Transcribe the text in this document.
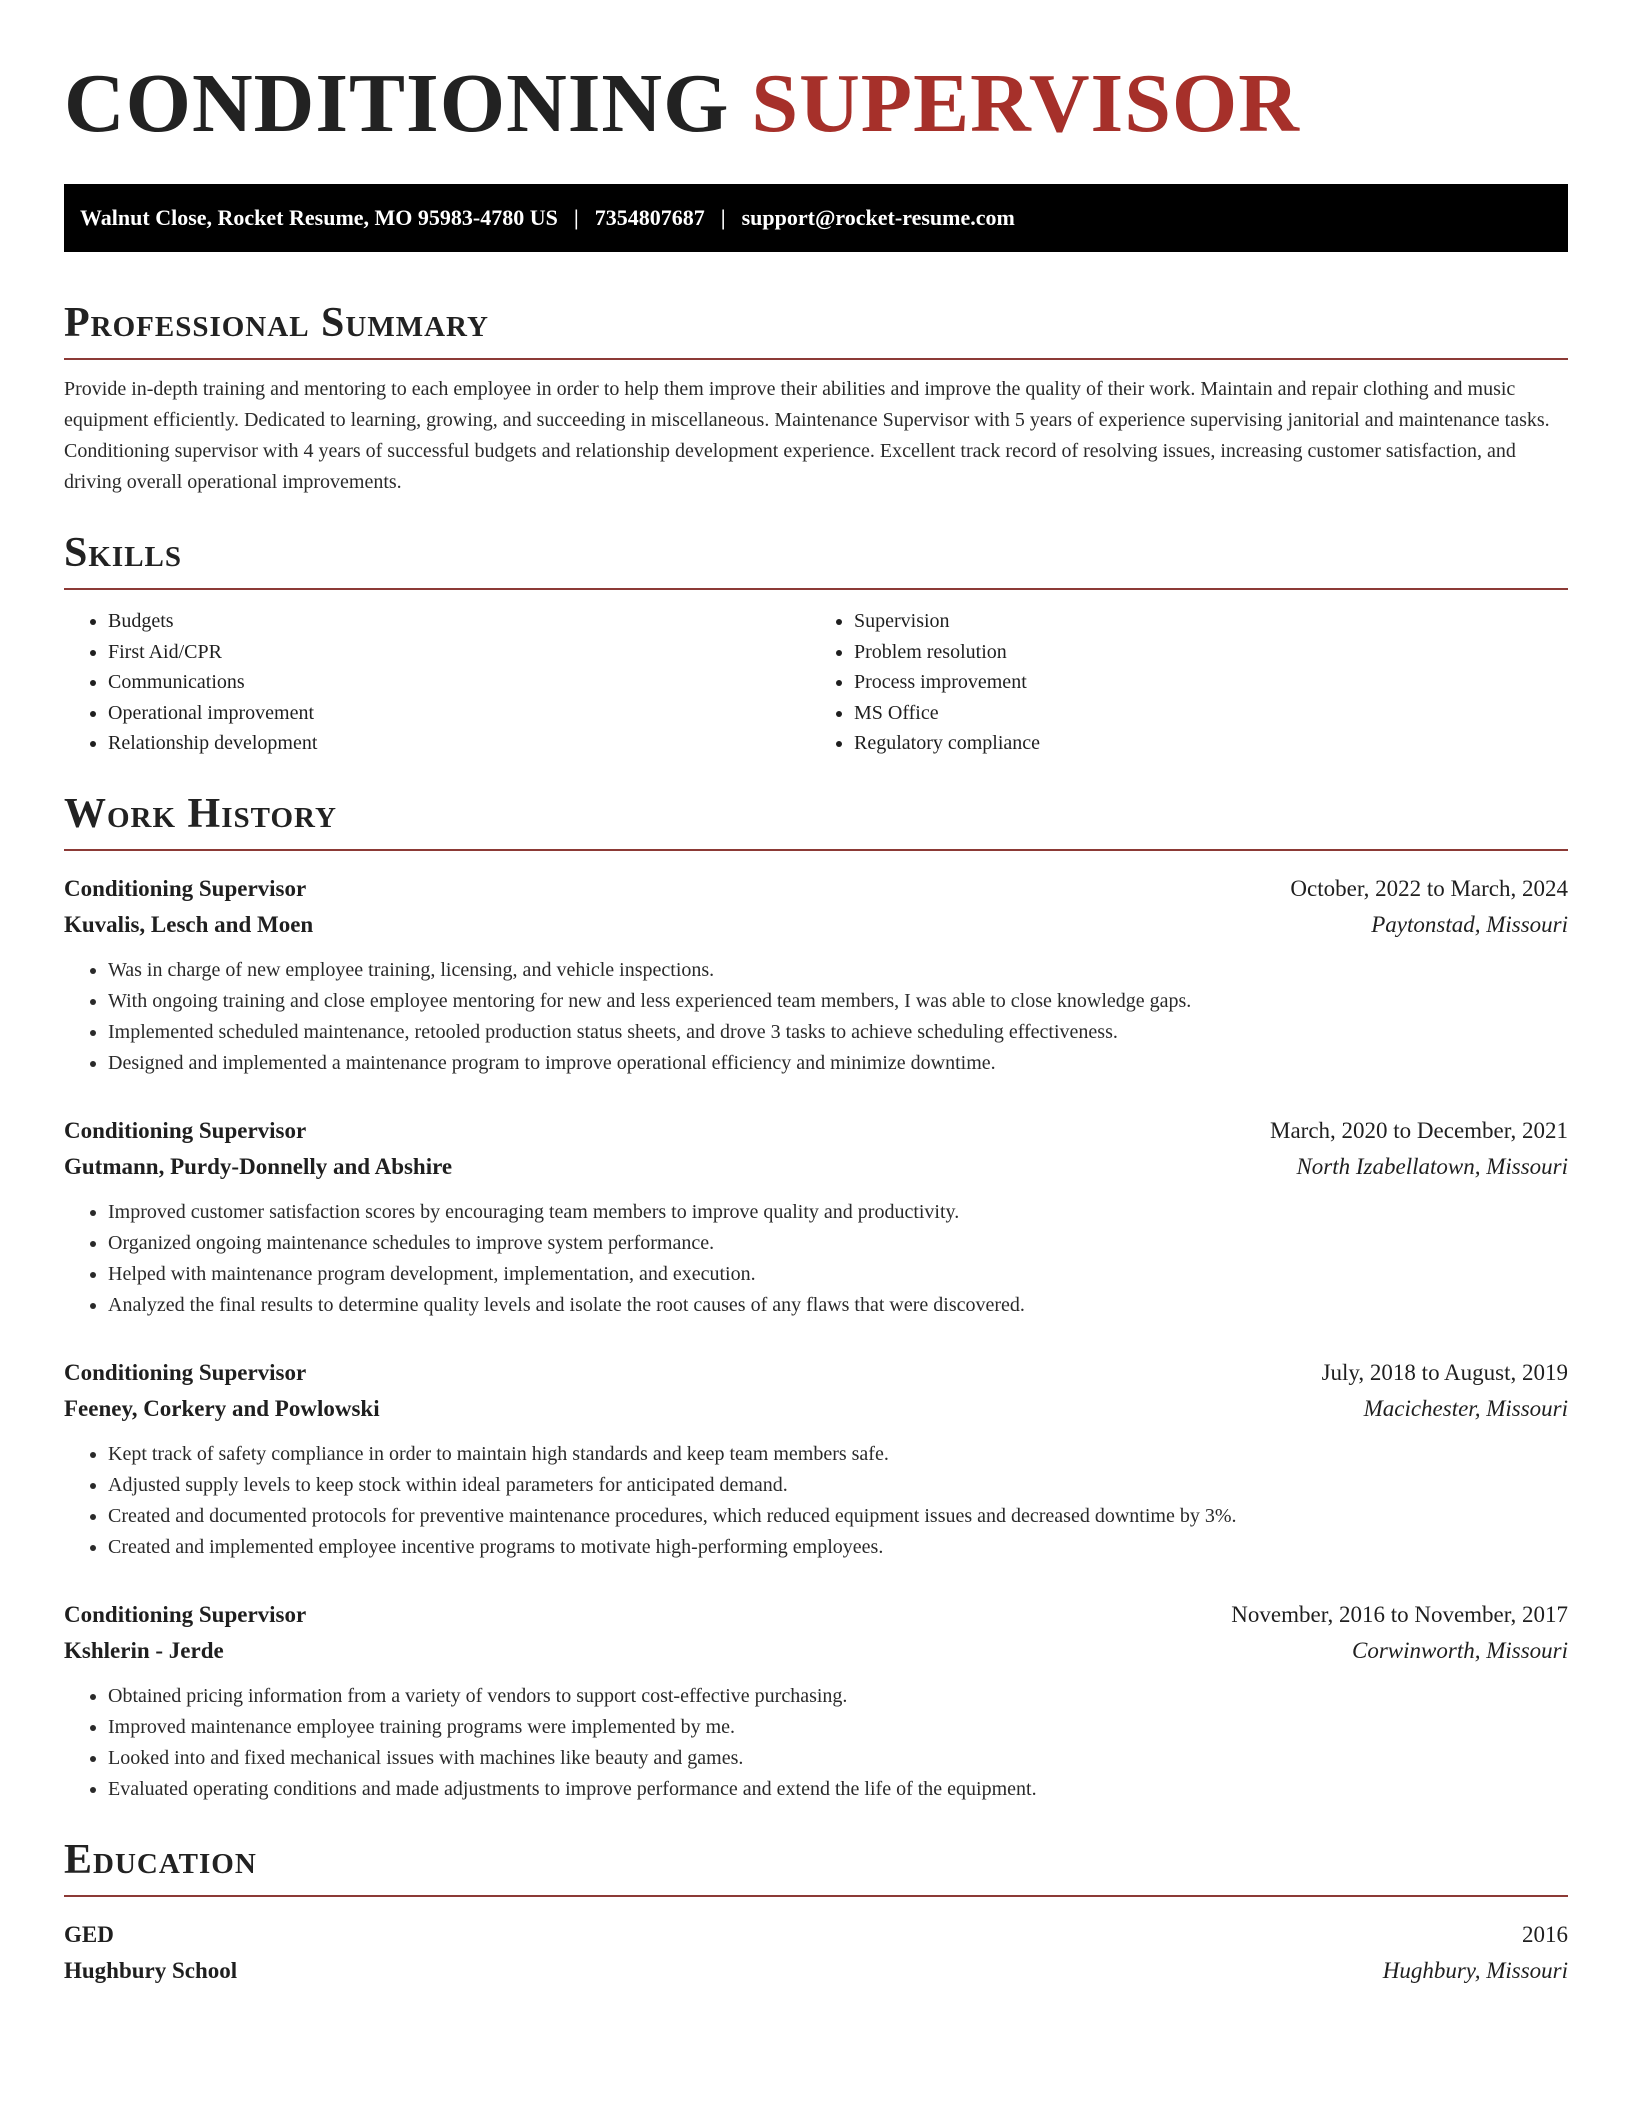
CONDITIONING SUPERVISOR
Walnut Close, Rocket Resume, MO 95983-4780 US | 7354807687 | support@rocket-resume.com
Professional Summary
Provide in-depth training and mentoring to each employee in order to help them improve their abilities and improve the quality of their work. Maintain and repair clothing and music equipment efficiently. Dedicated to learning, growing, and succeeding in miscellaneous. Maintenance Supervisor with 5 years of experience supervising janitorial and maintenance tasks. Conditioning supervisor with 4 years of successful budgets and relationship development experience. Excellent track record of resolving issues, increasing customer satisfaction, and driving overall operational improvements.
Skills
• Budgets
• First Aid/CPR
• Communications
• Operational improvement
• Relationship development
• Supervision
• Problem resolution
• Process improvement
• MS Office
• Regulatory compliance
Work History
Conditioning Supervisor	October, 2022 to March, 2024
Kuvalis, Lesch and Moen	Paytonstad, Missouri
• Was in charge of new employee training, licensing, and vehicle inspections.
• With ongoing training and close employee mentoring for new and less experienced team members, I was able to close knowledge gaps.
• Implemented scheduled maintenance, retooled production status sheets, and drove 3 tasks to achieve scheduling effectiveness.
• Designed and implemented a maintenance program to improve operational efficiency and minimize downtime.
Conditioning Supervisor	March, 2020 to December, 2021
Gutmann, Purdy-Donnelly and Abshire	North Izabellatown, Missouri
• Improved customer satisfaction scores by encouraging team members to improve quality and productivity.
• Organized ongoing maintenance schedules to improve system performance.
• Helped with maintenance program development, implementation, and execution.
• Analyzed the final results to determine quality levels and isolate the root causes of any flaws that were discovered.
Conditioning Supervisor	July, 2018 to August, 2019
Feeney, Corkery and Powlowski	Macichester, Missouri
• Kept track of safety compliance in order to maintain high standards and keep team members safe.
• Adjusted supply levels to keep stock within ideal parameters for anticipated demand.
• Created and documented protocols for preventive maintenance procedures, which reduced equipment issues and decreased downtime by 3%.
• Created and implemented employee incentive programs to motivate high-performing employees.
Conditioning Supervisor	November, 2016 to November, 2017
Kshlerin - Jerde	Corwinworth, Missouri
• Obtained pricing information from a variety of vendors to support cost-effective purchasing.
• Improved maintenance employee training programs were implemented by me.
• Looked into and fixed mechanical issues with machines like beauty and games.
• Evaluated operating conditions and made adjustments to improve performance and extend the life of the equipment.
Education
GED	2016
Hughbury School	Hughbury, Missouri
